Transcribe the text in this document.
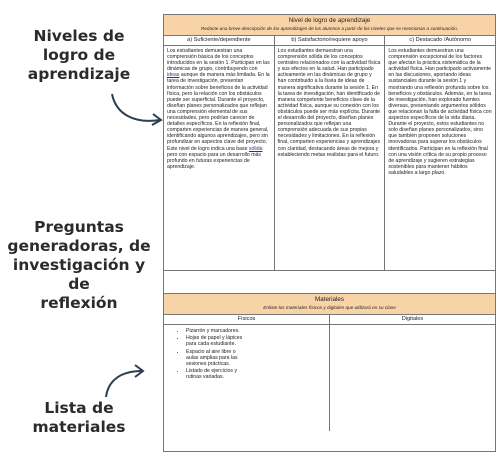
Niveles de
logro de
aprendizaje
Preguntas
generadoras, de
investigación y de
reflexión
Lista de
materiales
Nivel de logro de aprendizaje
Redacte una breve descripción de los aprendizajes de los alumnos a partir de los niveles que se mencionan a continuación.
a) Suficiente/dependiente
Los estudiantes demuestran una comprensión básica de los conceptos introducidos en la sesión 1. Participan en las dinámicas de grupo, contribuyendo con ideas aunque de manera más limitada. En la tarea de investigación, presentan información sobre beneficios de la actividad física, pero la relación con los obstáculos puede ser superficial. Durante el proyecto, diseñan planes personalizados que reflejan una comprensión elemental de sus necesidades, pero podrían carecer de detalles específicos. En la reflexión final, comparten experiencias de manera general, identificando algunos aprendizajes, pero sin profundizar en aspectos clave del proyecto. Este nivel de logro indica una base sólida pero con espacio para un desarrollo más profundo en futuras experiencias de aprendizaje.
b) Satisfactorio/requiere apoyo
Los estudiantes demuestran una comprensión sólida de los conceptos centrales relacionados con la actividad física y sus efectos en la salud. Han participado activamente en las dinámicas de grupo y han contribuido a la lluvia de ideas de manera significativa durante la sesión 1. En la tarea de investigación, han identificado de manera competente beneficios clave de la actividad física, aunque su conexión con los obstáculos puede ser más explícita. Durante el desarrollo del proyecto, diseñan planes personalizados que reflejan una comprensión adecuada de sus propias necesidades y limitaciones. En la reflexión final, comparten experiencias y aprendizajes con claridad, destacando áreas de mejora y estableciendo metas realistas para el futuro.
c) Destacado /Autónomo
Los estudiantes demuestran una comprensión excepcional de los factores que afectan la práctica sistemática de la actividad física. Han participado activamente en las discusiones, aportando ideas sustanciales durante la sesión 1 y mostrando una reflexión profunda sobre los beneficios y obstáculos. Además, en la tarea de investigación, han explorado fuentes diversas, presentando argumentos sólidos que relacionan la falta de actividad física con aspectos específicos de la vida diaria. Durante el proyecto, estos estudiantes no solo diseñan planes personalizados, sino que también proponen soluciones innovadoras para superar los obstáculos identificados. Participan en la reflexión final con una visión crítica de su propio proceso de aprendizaje y sugieren estrategias sostenibles para mantener hábitos saludables a largo plazo.
Materiales
Enliste los materiales físicos y digitales que utilizará en su clase
Físicos	Digitales
• Pizarrón y marcadores.
• Hojas de papel y lápices para cada estudiante.
• Espacio al aire libre o aulas amplias para las sesiones prácticas.
• Listado de ejercicios y rutinas variadas.
